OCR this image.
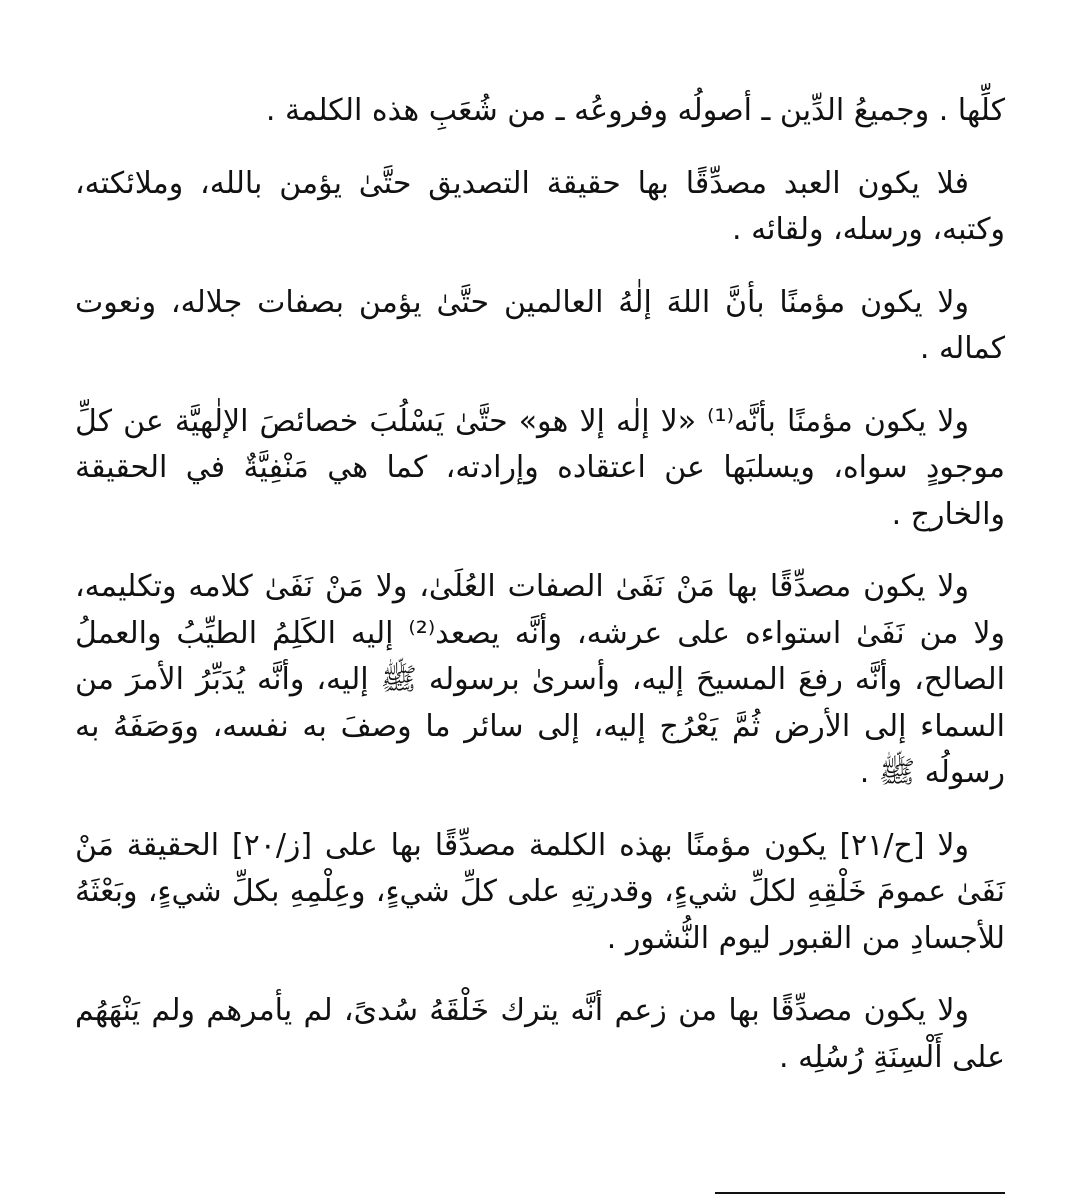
كلِّها . وجميعُ الدِّين ـ أصولُه وفروعُه ـ من شُعَبِ هذه الكلمة .

فلا يكون العبد مصدِّقًا بها حقيقة التصديق حتَّىٰ يؤمن بالله، وملائكته، وكتبه، ورسله، ولقائه .

ولا يكون مؤمنًا بأنَّ اللهَ إلٰهُ العالمين حتَّىٰ يؤمن بصفات جلاله، ونعوت كماله .

ولا يكون مؤمنًا بأنَّه⁽¹⁾ «لا إلٰه إلا هو» حتَّىٰ يَسْلُبَ خصائصَ الإلٰهيَّة عن كلِّ موجودٍ سواه، ويسلبَها عن اعتقاده وإرادته، كما هي مَنْفِيَّةٌ في الحقيقة والخارج .

ولا يكون مصدِّقًا بها مَنْ نَفَىٰ الصفات العُلَىٰ، ولا مَنْ نَفَىٰ كلامه وتكليمه، ولا من نَفَىٰ استواءه على عرشه، وأنَّه يصعد⁽²⁾ إليه الكَلِمُ الطيِّبُ والعملُ الصالح، وأنَّه رفعَ المسيحَ إليه، وأسرىٰ برسوله ﷺ إليه، وأنَّه يُدَبِّرُ الأمرَ من السماء إلى الأرض ثُمَّ يَعْرُج إليه، إلى سائر ما وصفَ به نفسه، ووَصَفَهُ به رسولُه ﷺ .

ولا [ح/٢١] يكون مؤمنًا بهذه الكلمة مصدِّقًا بها على [ز/٢٠] الحقيقة مَنْ نَفَىٰ عمومَ خَلْقِهِ لكلِّ شيءٍ، وقدرتِهِ على كلِّ شيءٍ، وعِلْمِهِ بكلِّ شيءٍ، وبَعْثَهُ للأجسادِ من القبور ليوم النُّشور .

ولا يكون مصدِّقًا بها من زعم أنَّه يترك خَلْقَهُ سُدىً، لم يأمرهم ولم يَنْهَهُم على أَلْسِنَةِ رُسُلِه .
